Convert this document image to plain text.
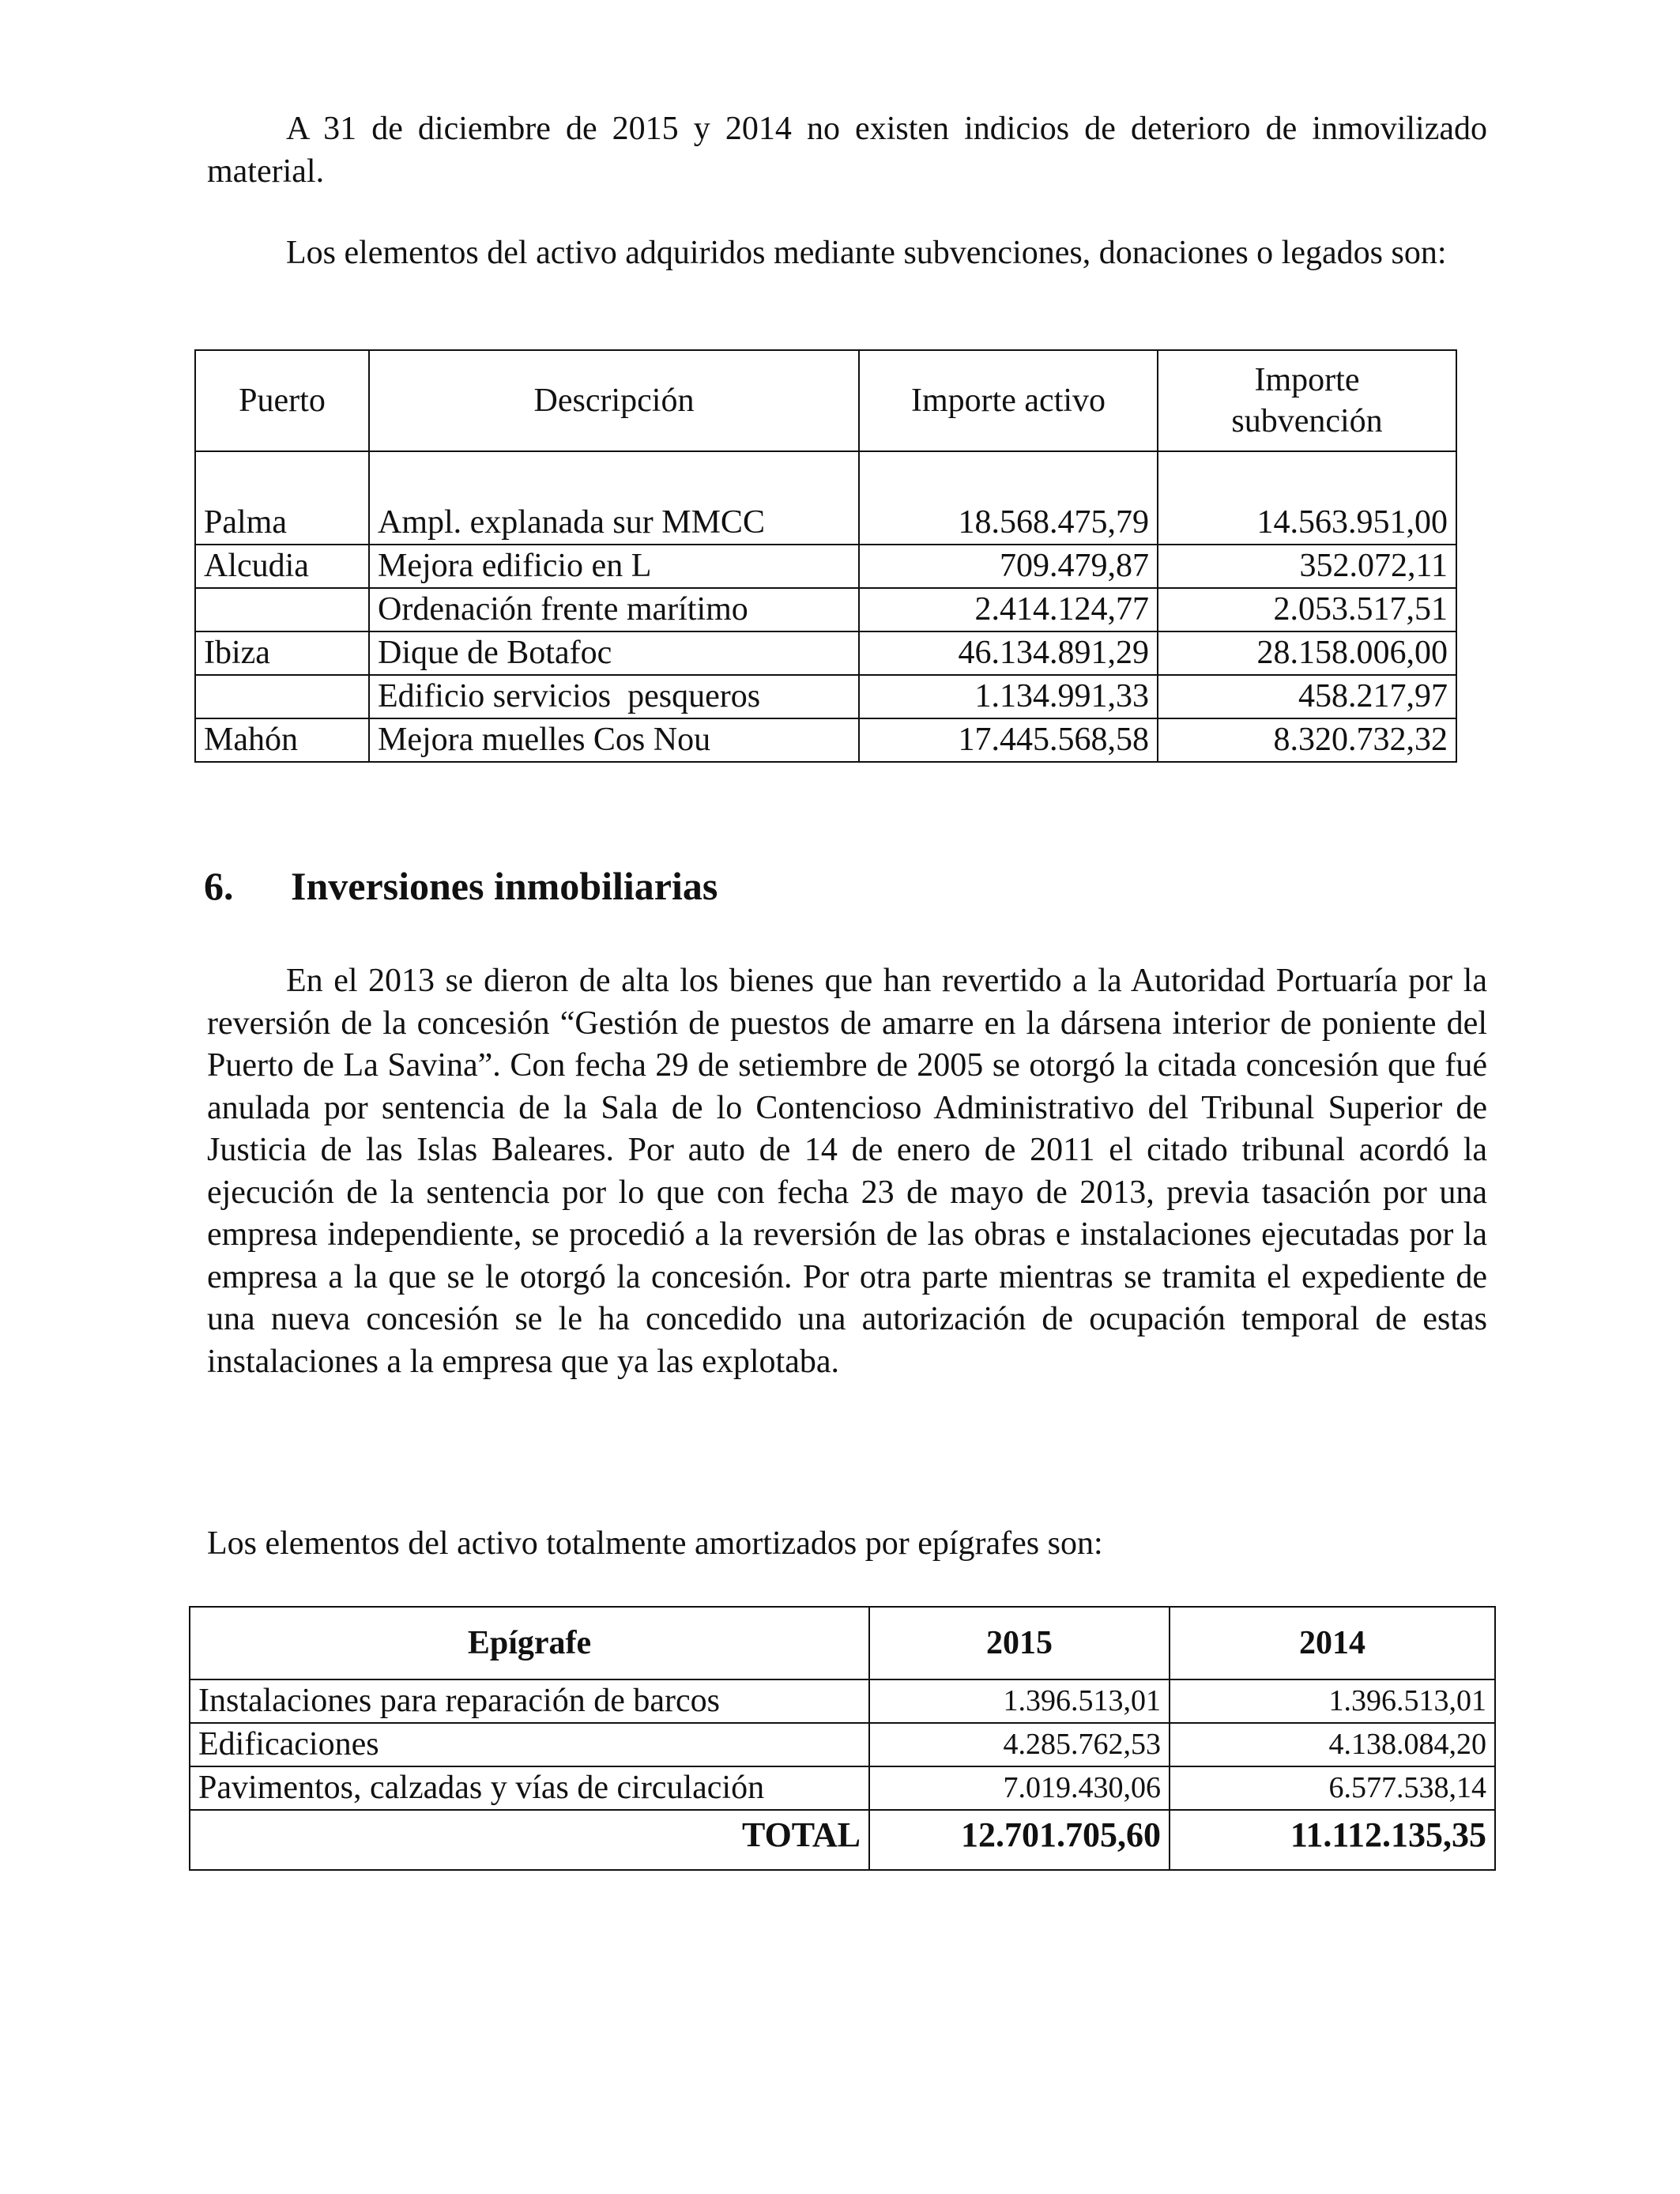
A 31 de diciembre de 2015 y 2014 no existen indicios de deterioro de inmovilizado material.

Los elementos del activo adquiridos mediante subvenciones, donaciones o legados son:

Puerto	Descripción	Importe activo	Importe
subvención
Palma	Ampl. explanada sur MMCC	18.568.475,79	14.563.951,00
Alcudia	Mejora edificio en L	709.479,87	352.072,11
	Ordenación frente marítimo	2.414.124,77	2.053.517,51
Ibiza	Dique de Botafoc	46.134.891,29	28.158.006,00
	Edificio servicios  pesqueros	1.134.991,33	458.217,97
Mahón	Mejora muelles Cos Nou	17.445.568,58	8.320.732,32
6. Inversiones inmobiliarias

En el 2013 se dieron de alta los bienes que han revertido a la Autoridad Portuaría por la reversión de la concesión “Gestión de puestos de amarre en la dársena interior de poniente del Puerto de La Savina”. Con fecha 29 de setiembre de 2005 se otorgó la citada concesión que fué anulada por sentencia de la Sala de lo Contencioso Administrativo del Tribunal Superior de Justicia de las Islas Baleares. Por auto de 14 de enero de 2011 el citado tribunal acordó la ejecución de la sentencia por lo que con fecha 23 de mayo de 2013, previa tasación por una empresa independiente, se procedió a la reversión de las obras e instalaciones ejecutadas por la empresa a la que se le otorgó la concesión. Por otra parte mientras se tramita el expediente de una nueva concesión se le ha concedido una autorización de ocupación temporal de estas instalaciones a la empresa que ya las explotaba.

Los elementos del activo totalmente amortizados por epígrafes son:

Epígrafe	2015	2014
Instalaciones para reparación de barcos	1.396.513,01	1.396.513,01
Edificaciones	4.285.762,53	4.138.084,20
Pavimentos, calzadas y vías de circulación	7.019.430,06	6.577.538,14
TOTAL	12.701.705,60	11.112.135,35
